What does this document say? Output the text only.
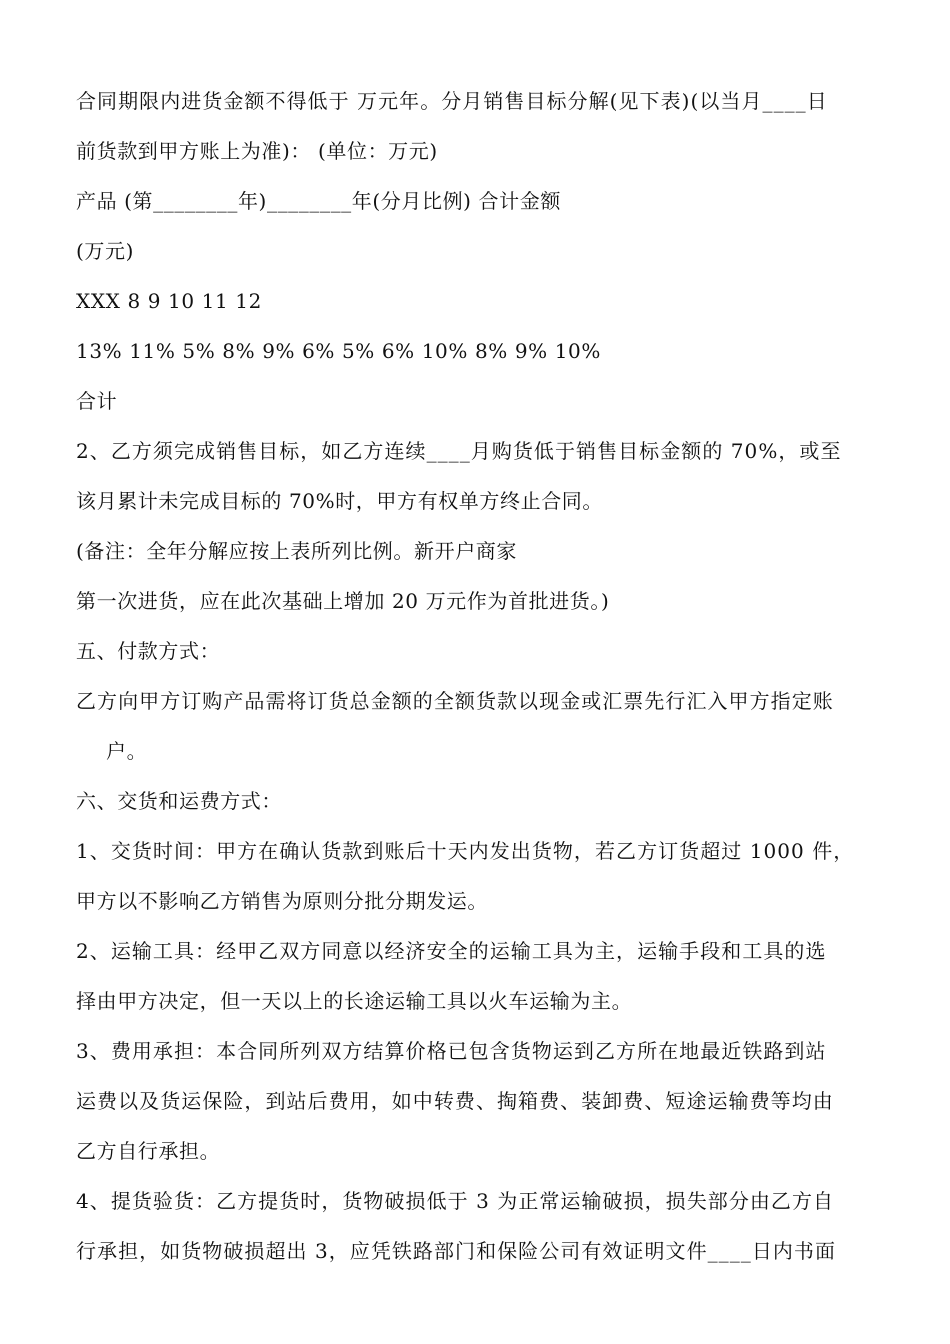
合同期限内进货金额不得低于 万元年。分月销售目标分解(见下表)(以当月____日
前货款到甲方账上为准)： (单位：万元)
产品 (第________年)________年(分月比例) 合计金额
(万元)
XXX 8 9 10 11 12
13% 11% 5% 8% 9% 6% 5% 6% 10% 8% 9% 10%
合计
2、乙方须完成销售目标，如乙方连续____月购货低于销售目标金额的 70%，或至
该月累计未完成目标的 70%时，甲方有权单方终止合同。
(备注：全年分解应按上表所列比例。新开户商家
第一次进货，应在此次基础上增加 20 万元作为首批进货。)
五、付款方式：
乙方向甲方订购产品需将订货总金额的全额货款以现金或汇票先行汇入甲方指定账
户。
六、交货和运费方式：
1、交货时间：甲方在确认货款到账后十天内发出货物，若乙方订货超过 1000 件，
甲方以不影响乙方销售为原则分批分期发运。
2、运输工具：经甲乙双方同意以经济安全的运输工具为主，运输手段和工具的选
择由甲方决定，但一天以上的长途运输工具以火车运输为主。
3、费用承担：本合同所列双方结算价格已包含货物运到乙方所在地最近铁路到站
运费以及货运保险，到站后费用，如中转费、掏箱费、装卸费、短途运输费等均由
乙方自行承担。
4、提货验货：乙方提货时，货物破损低于 3 为正常运输破损，损失部分由乙方自
行承担，如货物破损超出 3，应凭铁路部门和保险公司有效证明文件____日内书面
